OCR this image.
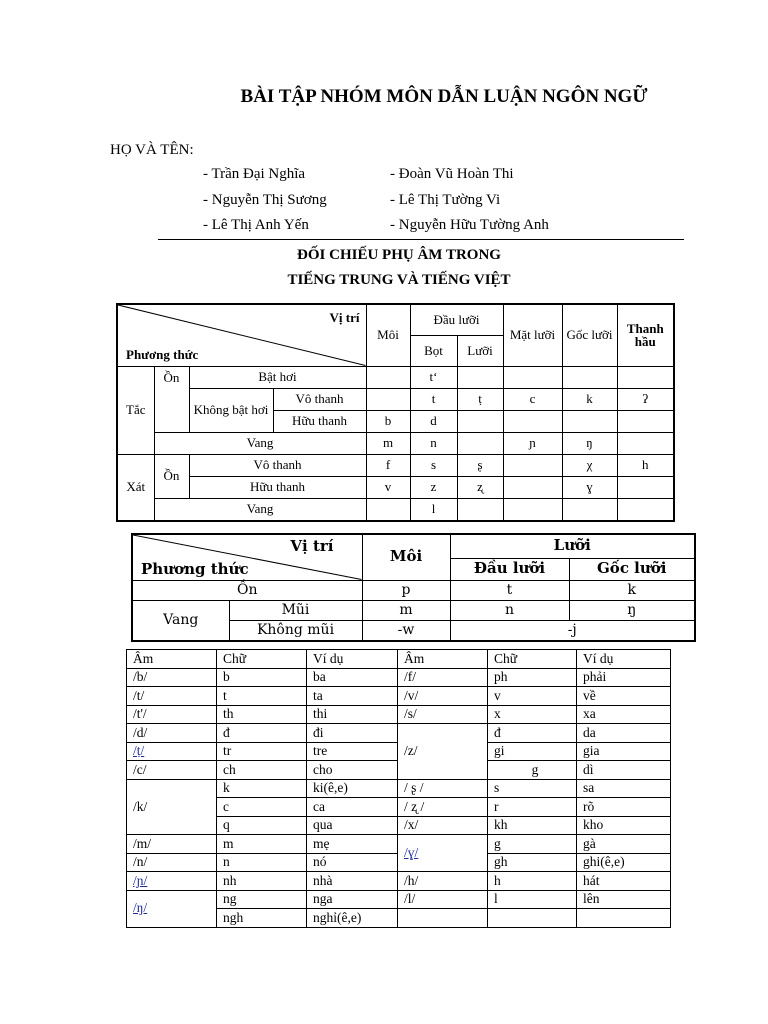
BÀI TẬP NHÓM MÔN DẪN LUẬN NGÔN NGỮ
HỌ VÀ TÊN:
- Trần Đại Nghĩa	- Đoàn Vũ Hoàn Thi
- Nguyễn Thị Sương	- Lê Thị Tường Vi
- Lê Thị Anh Yến	- Nguyễn Hữu Tường Anh
ĐỐI CHIẾU PHỤ ÂM TRONG
TIẾNG TRUNG VÀ TIẾNG VIỆT
Vị trí
Phương thức				Môi	Đầu lưỡi		Mặt lưỡi	Gốc lưỡi	Thanh hầu
					Bọt	Lưỡi			
Tắc	Ồn	Bật hơi			tʻ				
		Không bật hơi	Vô thanh		t	ṭ	c	k	ʔ
			Hữu thanh	b	d				
	Vang			m	n		ɲ	ŋ	
Xát	Ồn	Vô thanh		f	s	ʂ		χ	h
		Hữu thanh		v	z	ʐ		ɣ	
	Vang				l				
Vị trí
Phương thức		Môi	Lưỡi	
			Đầu lưỡi	Gốc lưỡi
Ồn		p	t	k
Vang	Mũi	m	n	ŋ
	Không mũi	-w	-j	
Âm	Chữ	Ví dụ	Âm	Chữ	Ví dụ
/b/	b	ba	/f/	ph	phải
/t/	t	ta	/v/	v	về
/t'/	th	thi	/s/	x	xa
/d/	đ	đi	/z/	đ	da
/ṭ/	tr	tre		gi	gia
/c/	ch	cho		g	dì
/k/	k	ki(ê,e)	/ ʂ /	s	sa
	c	ca	/ ʐ /	r	rõ
	q	qua	/x/	kh	kho
/m/	m	mẹ	/ɣ/	g	gà
/n/	n	nó		gh	ghi(ê,e)
/ɲ/	nh	nhà	/h/	h	hát
/ŋ/	ng	nga	/l/	l	lên
	ngh	nghỉ(ê,e)			
